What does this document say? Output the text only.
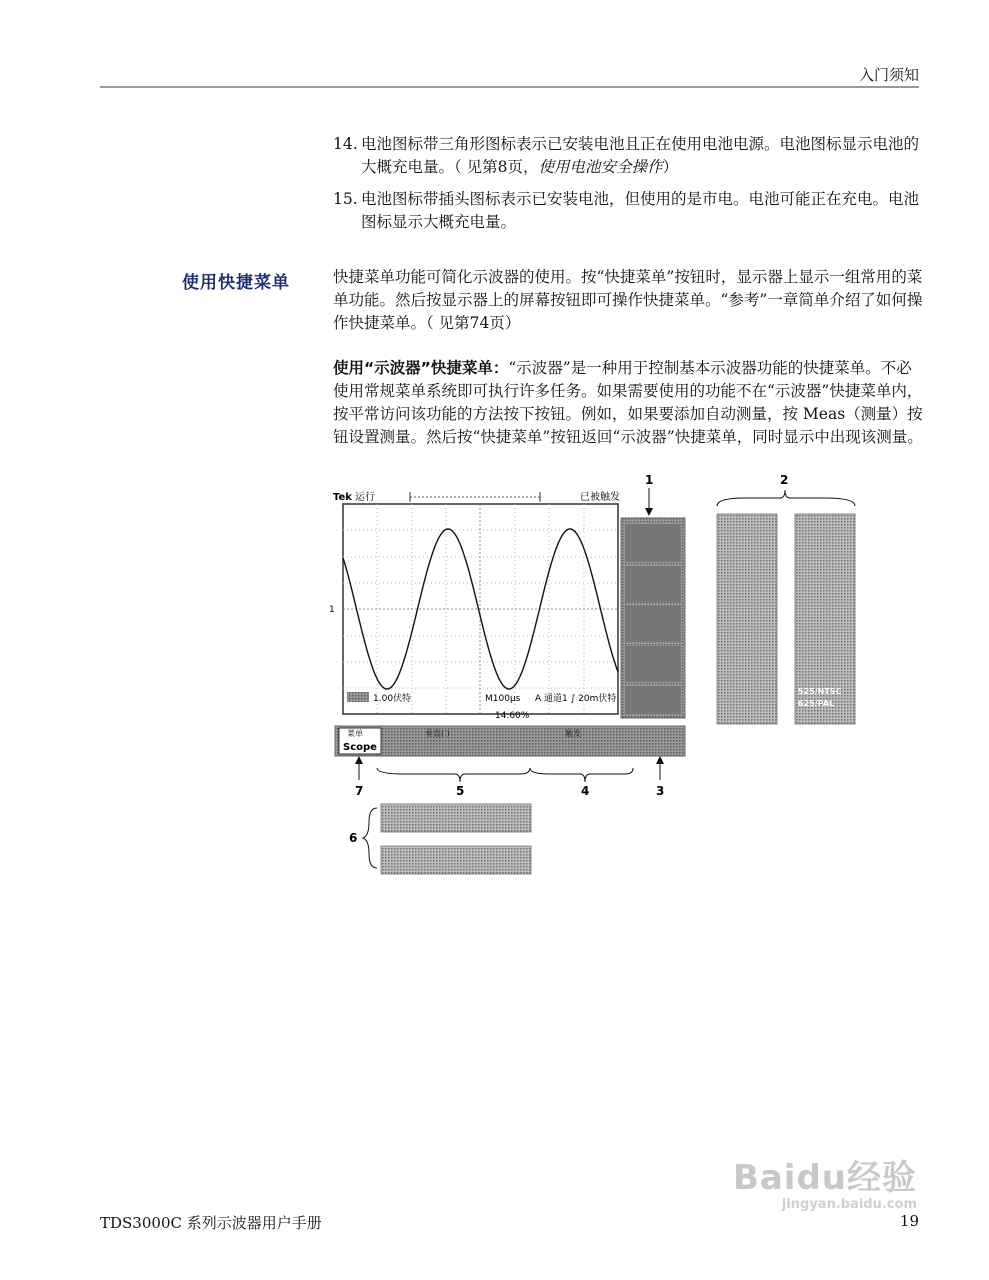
入门须知
14. 电池图标带三角形图标表示已安装电池且正在使用电池电源。电池图标显示电池的大概充电量。（ 见第8页，使用电池安全操作）
15. 电池图标带插头图标表示已安装电池，但使用的是市电。电池可能正在充电。电池图标显示大概充电量。
使用快捷菜单	快捷菜单功能可简化示波器的使用。按“快捷菜单”按钮时，显示器上显示一组常用的菜单功能。然后按显示器上的屏幕按钮即可操作快捷菜单。“参考”一章简单介绍了如何操作快捷菜单。（ 见第74页）
使用“示波器”快捷菜单：“示波器”是一种用于控制基本示波器功能的快捷菜单。不必使用常规菜单系统即可执行许多任务。如果需要使用的功能不在“示波器”快捷菜单内，按平常访问该功能的方法按下按钮。例如，如果要添加自动测量，按 Meas（测量）按钮设置测量。然后按“快捷菜单”按钮返回“示波器”快捷菜单，同时显示中出现该测量。
Tek 运行	已被触发
1
1.00伏特	M100μs A 通道1 ∫ 20m伏特
14.60%
菜单
Scope
垂直( )	触发
525/NTSC
625/PAL
1	2
5	4	3
7
6
TDS3000C 系列示波器用户手册	19
Baidu经验
jingyan.baidu.com
